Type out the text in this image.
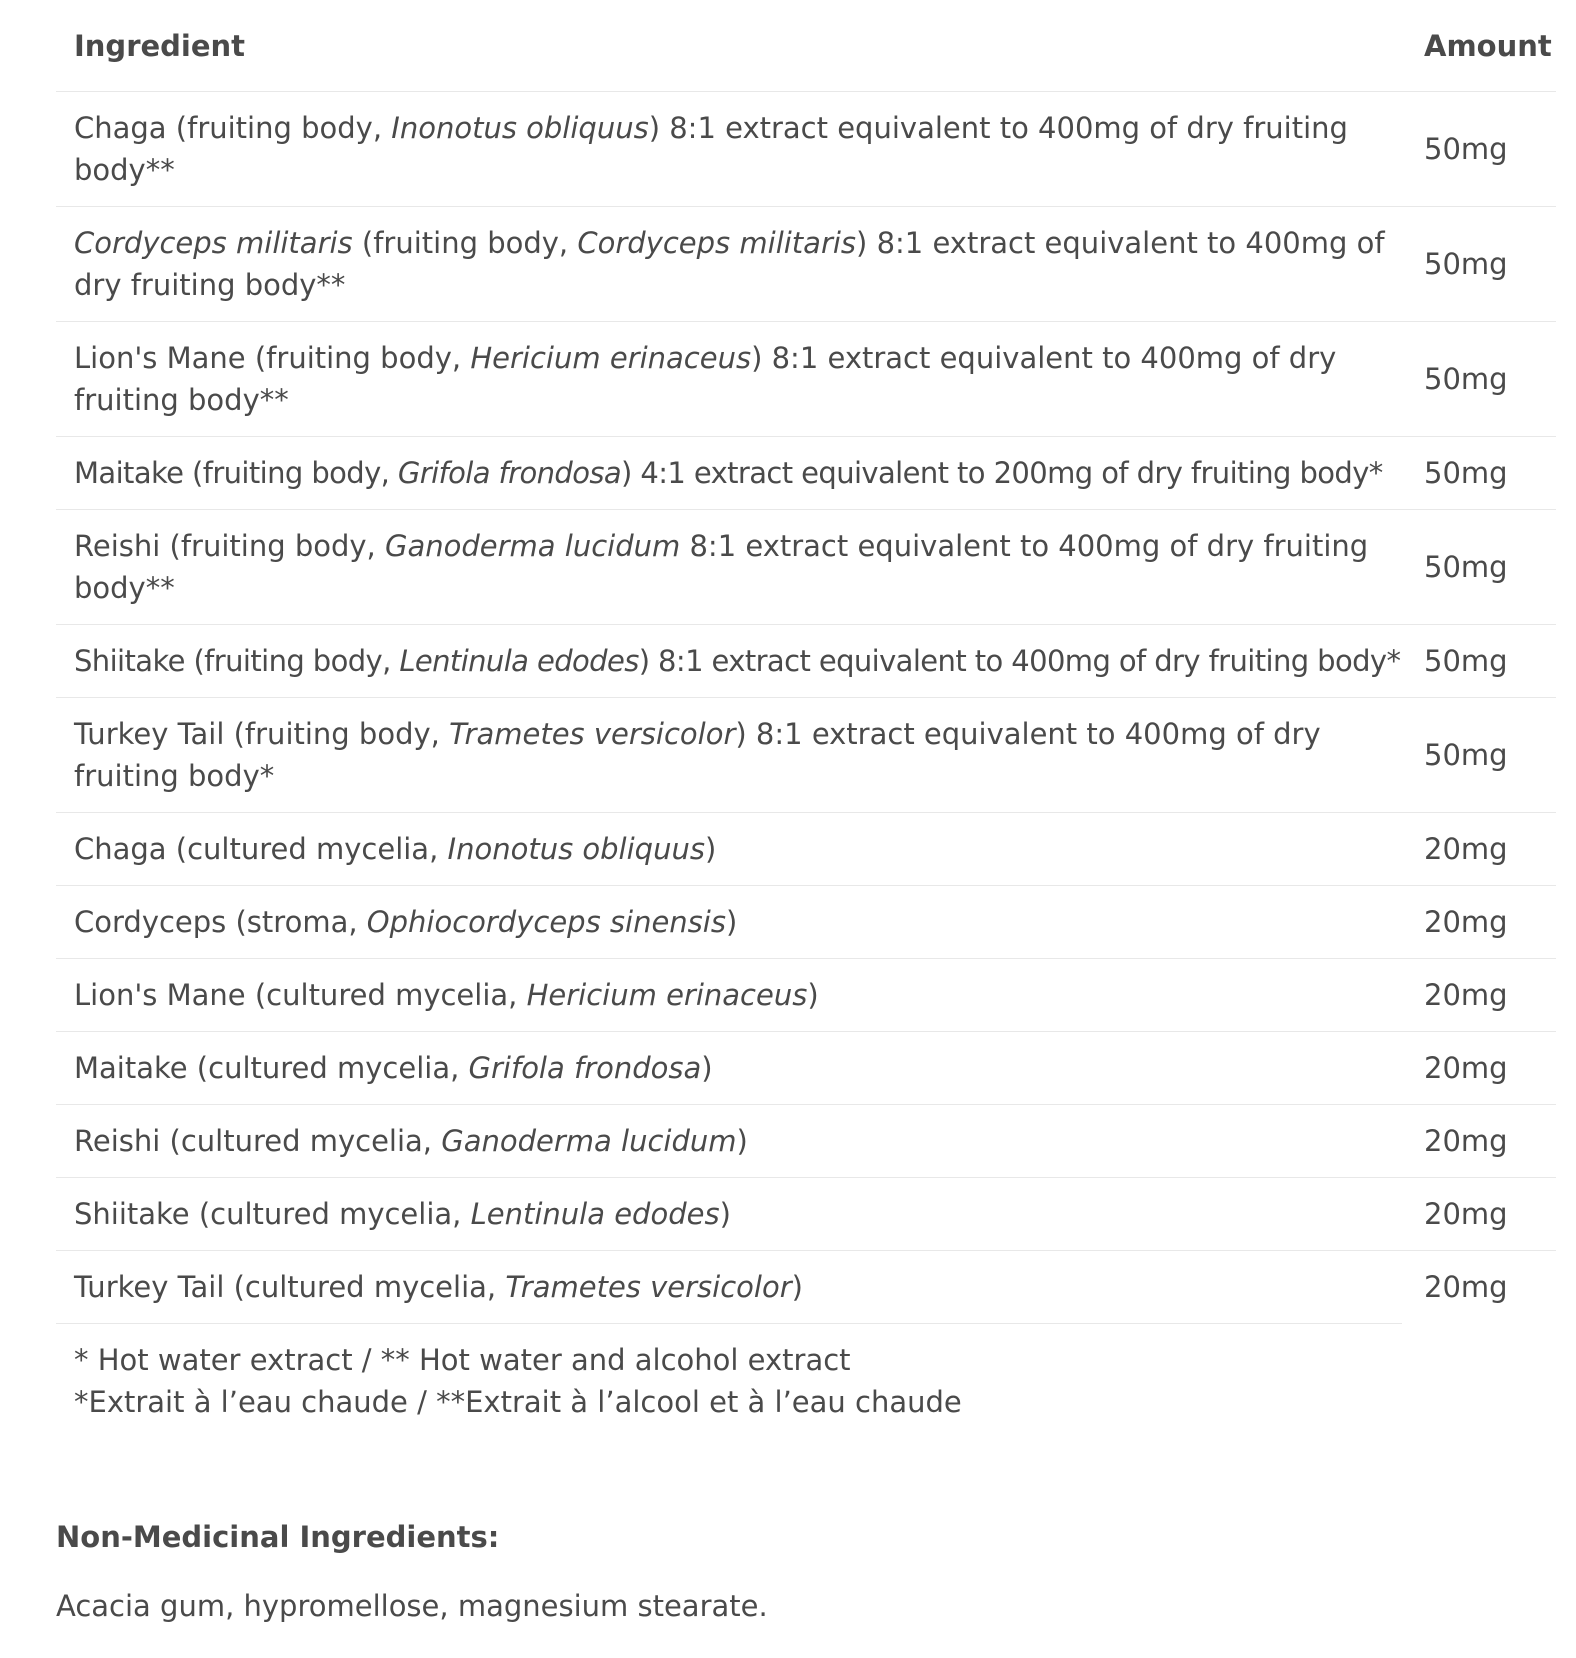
Ingredient	Amount
Chaga (fruiting body, Inonotus obliquus) 8:1 extract equivalent to 400mg of dry fruiting body**	50mg
Cordyceps militaris (fruiting body, Cordyceps militaris) 8:1 extract equivalent to 400mg of dry fruiting body**	50mg
Lion's Mane (fruiting body, Hericium erinaceus) 8:1 extract equivalent to 400mg of dry fruiting body**	50mg
Maitake (fruiting body, Grifola frondosa) 4:1 extract equivalent to 200mg of dry fruiting body*	50mg
Reishi (fruiting body, Ganoderma lucidum 8:1 extract equivalent to 400mg of dry fruiting body**	50mg
Shiitake (fruiting body, Lentinula edodes) 8:1 extract equivalent to 400mg of dry fruiting body*	50mg
Turkey Tail (fruiting body, Trametes versicolor) 8:1 extract equivalent to 400mg of dry fruiting body*	50mg
Chaga (cultured mycelia, Inonotus obliquus)	20mg
Cordyceps (stroma, Ophiocordyceps sinensis)	20mg
Lion's Mane (cultured mycelia, Hericium erinaceus)	20mg
Maitake (cultured mycelia, Grifola frondosa)	20mg
Reishi (cultured mycelia, Ganoderma lucidum)	20mg
Shiitake (cultured mycelia, Lentinula edodes)	20mg
Turkey Tail (cultured mycelia, Trametes versicolor)	20mg
* Hot water extract / ** Hot water and alcohol extract
*Extrait à l’eau chaude / **Extrait à l’alcool et à l’eau chaude
Non-Medicinal Ingredients:
Acacia gum, hypromellose, magnesium stearate.
